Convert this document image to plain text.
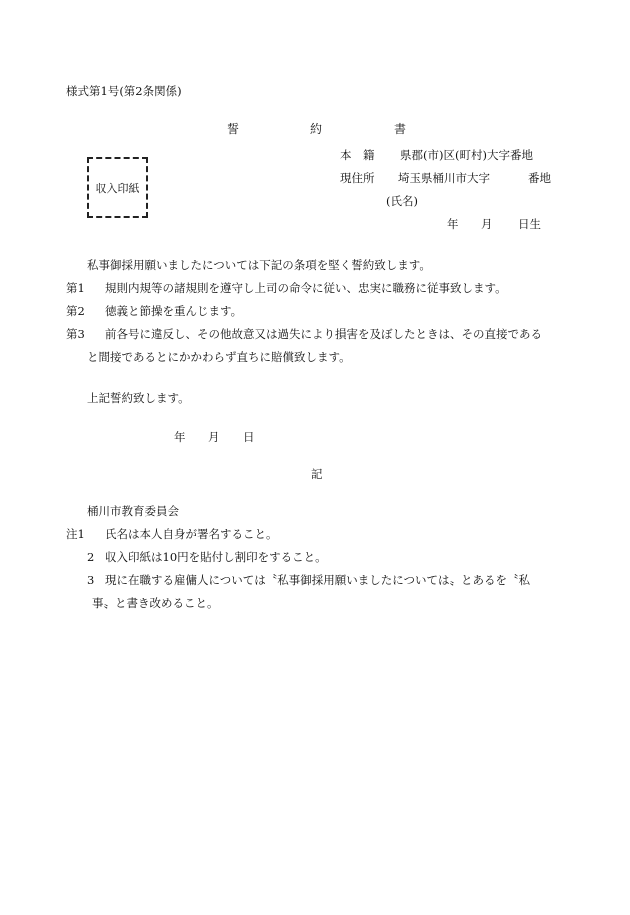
様式第1号(第2条関係)
誓	約	書
収入印紙
本　籍 県郡(市)区(町村)大字番地
現住所 埼玉県桶川市大字	番地
(氏名)
年 月 日生
私事御採用願いましたについては下記の条項を堅く誓約致します。
第1 規則内規等の諸規則を遵守し上司の命令に従い、忠実に職務に従事致します。
第2 徳義と節操を重んじます。
第3 前各号に違反し、その他故意又は過失により損害を及ぼしたときは、その直接である
と間接であるとにかかわらず直ちに賠償致します。
上記誓約致します。
年 月 日
記
桶川市教育委員会
注1 氏名は本人自身が署名すること。
2 収入印紙は10円を貼付し割印をすること。
3 現に在職する雇傭人については〝私事御採用願いましたについては〟とあるを〝私
事〟と書き改めること。
